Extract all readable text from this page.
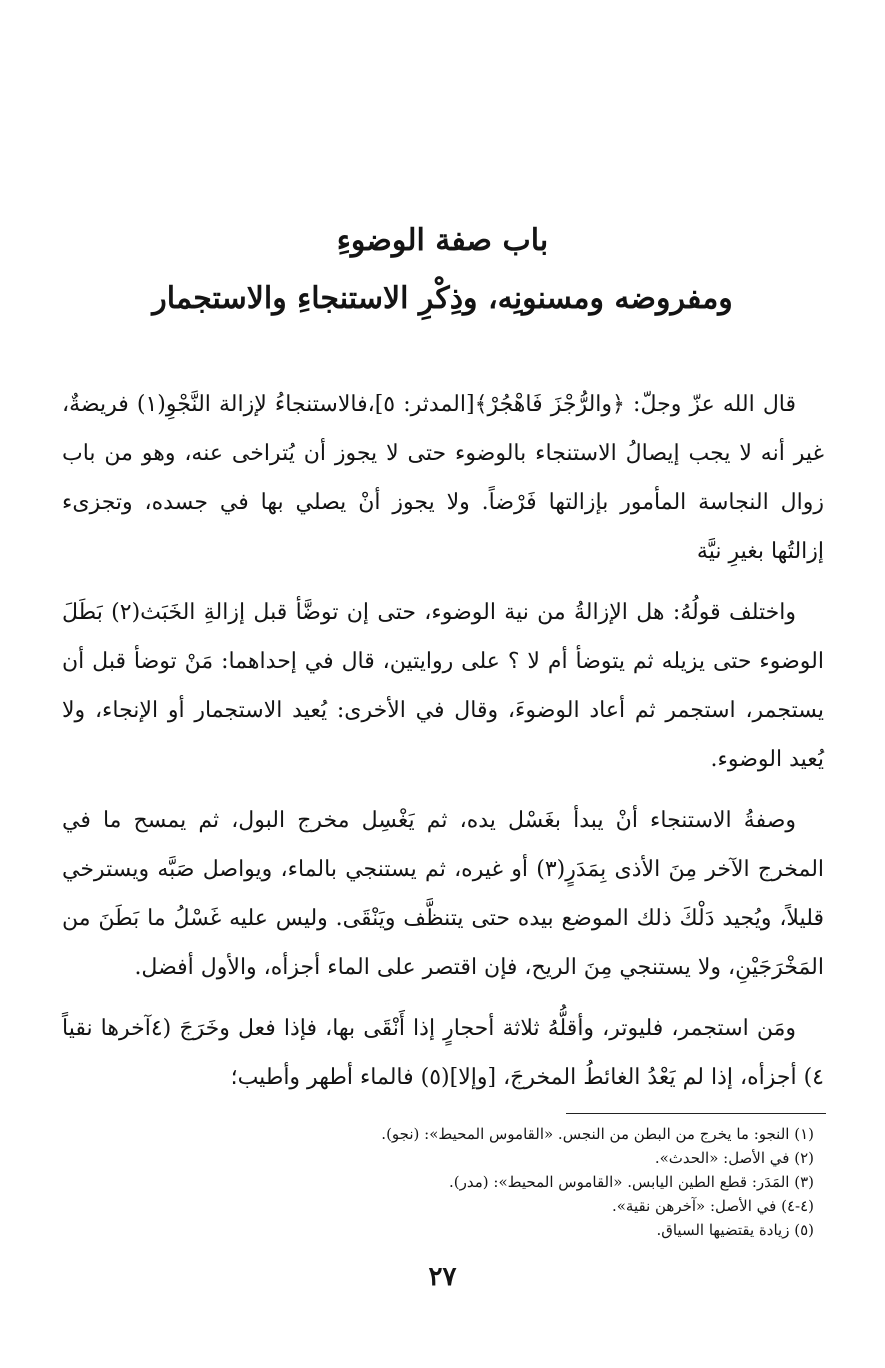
باب صفة الوضوءِ
ومفروضه ومسنونِه، وذِكْرِ الاستنجاءِ والاستجمار

قال الله عزّ وجلّ: ﴿والرُّجْزَ فَاهْجُرْ﴾[المدثر: ٥]،فالاستنجاءُ لإزالة النَّجْوِ(١) فريضةٌ، غير أنه لا يجب إيصالُ الاستنجاء بالوضوء حتى لا يجوز أن يُتراخى عنه، وهو من باب زوال النجاسة المأمور بإزالتها فَرْضاً. ولا يجوز أنْ يصلي بها في جسده، وتجزىء إزالتُها بغيرِ نيَّة

واختلف قولُهُ: هل الإزالةُ من نية الوضوء، حتى إن توضَّأ قبل إزالةِ الخَبَث(٢) بَطَلَ الوضوء حتى يزيله ثم يتوضأ أم لا ؟ على روايتين، قال في إحداهما: مَنْ توضأ قبل أن يستجمر، استجمر ثم أعاد الوضوءَ، وقال في الأخرى: يُعيد الاستجمار أو الإنجاء، ولا يُعيد الوضوء.

وصفةُ الاستنجاء أنْ يبدأ بغَسْل يده، ثم يَغْسِل مخرج البول، ثم يمسح ما في المخرج الآخر مِنَ الأذى بِمَدَرٍ(٣) أو غيره، ثم يستنجي بالماء، ويواصل صَبَّه ويسترخي قليلاً، ويُجيد دَلْكَ ذلك الموضع بيده حتى يتنظَّف ويَنْقَى. وليس عليه غَسْلُ ما بَطَنَ من المَخْرَجَيْنِ، ولا يستنجي مِنَ الريح، فإن اقتصر على الماء أجزأه، والأول أفضل.

ومَن استجمر، فليوتر، وأقلُّهُ ثلاثة أحجارٍ إذا أَنْقَى بها، فإذا فعل وخَرَجَ (٤آخرها نقياً ٤) أجزأه، إذا لم يَعْدُ الغائطُ المخرجَ، [وإلا](٥) فالماء أطهر وأطيب؛

(١) النجو: ما يخرج من البطن من النجس. «القاموس المحيط»: (نجو).

(٢) في الأصل: «الحدث».

(٣) المَدَر: قطع الطين اليابس. «القاموس المحيط»: (مدر).

(٤-٤) في الأصل: «آخرهن نقية».

(٥) زيادة يقتضيها السياق.

٢٧
